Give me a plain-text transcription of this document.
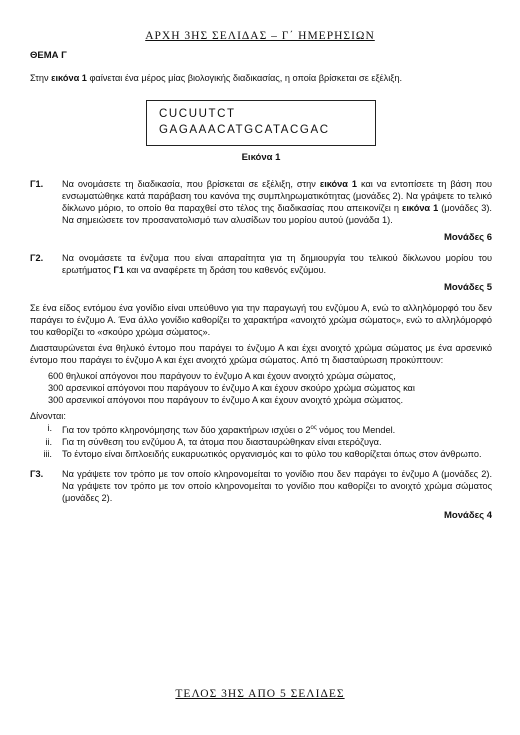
ΑΡΧΗ 3ΗΣ ΣΕΛΙΔΑΣ – Γ΄ ΗΜΕΡΗΣΙΩΝ
ΘΕΜΑ Γ

Στην εικόνα 1 φαίνεται ένα μέρος μίας βιολογικής διαδικασίας, η οποία βρίσκεται σε εξέλιξη.

CUCUUTCT
GAGAAACATGCATACGAC
Εικόνα 1
Γ1.	Να ονομάσετε τη διαδικασία, που βρίσκεται σε εξέλιξη, στην εικόνα 1 και να εντοπίσετε τη βάση που ενσωματώθηκε κατά παράβαση του κανόνα της συμπληρωματικότητας (μονάδες 2). Να γράψετε το τελικό δίκλωνο μόριο, το οποίο θα παραχθεί στο τέλος της διαδικασίας που απεικονίζει η εικόνα 1 (μονάδες 3). Να σημειώσετε τον προσανατολισμό των αλυσίδων του μορίου αυτού (μονάδα 1).
Μονάδες 6
Γ2.	Να ονομάσετε τα ένζυμα που είναι απαραίτητα για τη δημιουργία του τελικού δίκλωνου μορίου του ερωτήματος Γ1 και να αναφέρετε τη δράση του καθενός ενζύμου.
Μονάδες 5

Σε ένα είδος εντόμου ένα γονίδιο είναι υπεύθυνο για την παραγωγή του ενζύμου Α, ενώ το αλληλόμορφό του δεν παράγει το ένζυμο Α. Ένα άλλο γονίδιο καθορίζει το χαρακτήρα «ανοιχτό χρώμα σώματος», ενώ το αλληλόμορφό του καθορίζει το «σκούρο χρώμα σώματος».

Διασταυρώνεται ένα θηλυκό έντομο που παράγει το ένζυμο Α και έχει ανοιχτό χρώμα σώματος με ένα αρσενικό έντομο που παράγει το ένζυμο Α και έχει ανοιχτό χρώμα σώματος. Από τη διασταύρωση προκύπτουν:

600 θηλυκοί απόγονοι που παράγουν το ένζυμο Α και έχουν ανοιχτό χρώμα σώματος,

300 αρσενικοί απόγονοι που παράγουν το ένζυμο Α και έχουν σκούρο χρώμα σώματος και

300 αρσενικοί απόγονοι που παράγουν το ένζυμο Α και έχουν ανοιχτό χρώμα σώματος.

Δίνονται:
i.	Για τον τρόπο κληρονόμησης των δύο χαρακτήρων ισχύει ο $2^{o\varsigma}$ νόμος του Mendel.
ii.	Για τη σύνθεση του ενζύμου Α, τα άτομα που διασταυρώθηκαν είναι ετερόζυγα.
iii.	Το έντομο είναι διπλοειδής ευκαρυωτικός οργανισμός και το φύλο του καθορίζεται όπως στον άνθρωπο.
Γ3.	Να γράψετε τον τρόπο με τον οποίο κληρονομείται το γονίδιο που δεν παράγει το ένζυμο Α (μονάδες 2). Να γράψετε τον τρόπο με τον οποίο κληρονομείται το γονίδιο που καθορίζει το ανοιχτό χρώμα σώματος (μονάδες 2).
Μονάδες 4
ΤΕΛΟΣ 3ΗΣ ΑΠΟ 5 ΣΕΛΙΔΕΣ
